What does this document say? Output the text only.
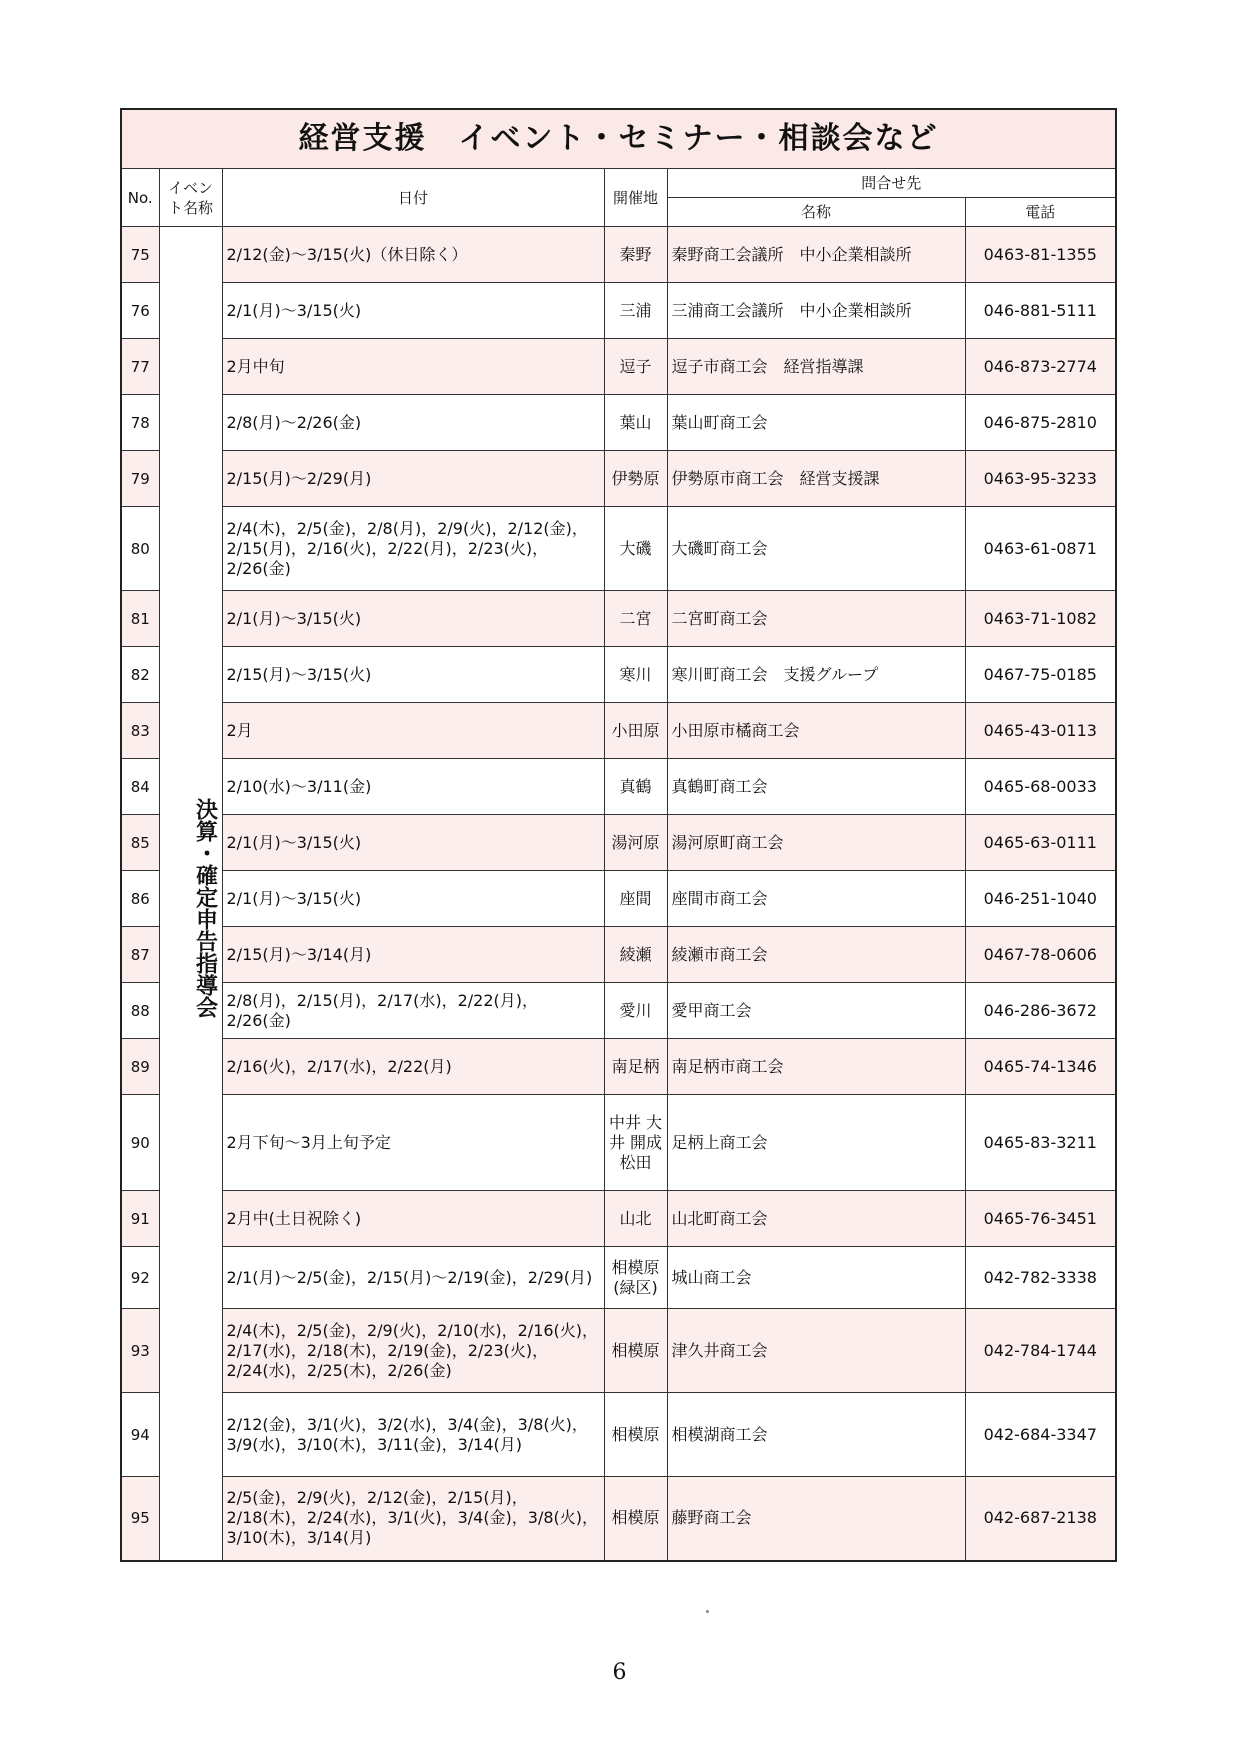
経営支援　イベント・セミナー・相談会など					
No.	イベント名称	日付	開催地	問合せ先	
				名称	電話
75	決算・確定申告指導会	2/12(金)～3/15(火)（休日除く）	秦野	秦野商工会議所　中小企業相談所	0463-81-1355
76		2/1(月)～3/15(火)	三浦	三浦商工会議所　中小企業相談所	046-881-5111
77		2月中旬	逗子	逗子市商工会　経営指導課	046-873-2774
78		2/8(月)～2/26(金)	葉山	葉山町商工会	046-875-2810
79		2/15(月)～2/29(月)	伊勢原	伊勢原市商工会　経営支援課	0463-95-3233
80		2/4(木)，2/5(金)，2/8(月)，2/9(火)，2/12(金)，2/15(月)，2/16(火)，2/22(月)，2/23(火)，2/26(金)	大磯	大磯町商工会	0463-61-0871
81		2/1(月)～3/15(火)	二宮	二宮町商工会	0463-71-1082
82		2/15(月)～3/15(火)	寒川	寒川町商工会　支援グループ	0467-75-0185
83		2月	小田原	小田原市橘商工会	0465-43-0113
84		2/10(水)～3/11(金)	真鶴	真鶴町商工会	0465-68-0033
85		2/1(月)～3/15(火)	湯河原	湯河原町商工会	0465-63-0111
86		2/1(月)～3/15(火)	座間	座間市商工会	046-251-1040
87		2/15(月)～3/14(月)	綾瀬	綾瀬市商工会	0467-78-0606
88		2/8(月)，2/15(月)，2/17(水)，2/22(月)，2/26(金)	愛川	愛甲商工会	046-286-3672
89		2/16(火)，2/17(水)，2/22(月)	南足柄	南足柄市商工会	0465-74-1346
90		2月下旬～3月上旬予定	中井 大井 開成 松田	足柄上商工会	0465-83-3211
91		2月中(土日祝除く)	山北	山北町商工会	0465-76-3451
92		2/1(月)～2/5(金)，2/15(月)～2/19(金)，2/29(月)	相模原(緑区)	城山商工会	042-782-3338
93		2/4(木)，2/5(金)，2/9(火)，2/10(水)，2/16(火)，2/17(水)，2/18(木)，2/19(金)，2/23(火)，2/24(水)，2/25(木)，2/26(金)	相模原	津久井商工会	042-784-1744
94		2/12(金)，3/1(火)，3/2(水)，3/4(金)，3/8(火)，3/9(水)，3/10(木)，3/11(金)，3/14(月)	相模原	相模湖商工会	042-684-3347
95		2/5(金)，2/9(火)，2/12(金)，2/15(月)，2/18(木)，2/24(水)，3/1(火)，3/4(金)，3/8(火)，3/10(木)，3/14(月)	相模原	藤野商工会	042-687-2138
6
